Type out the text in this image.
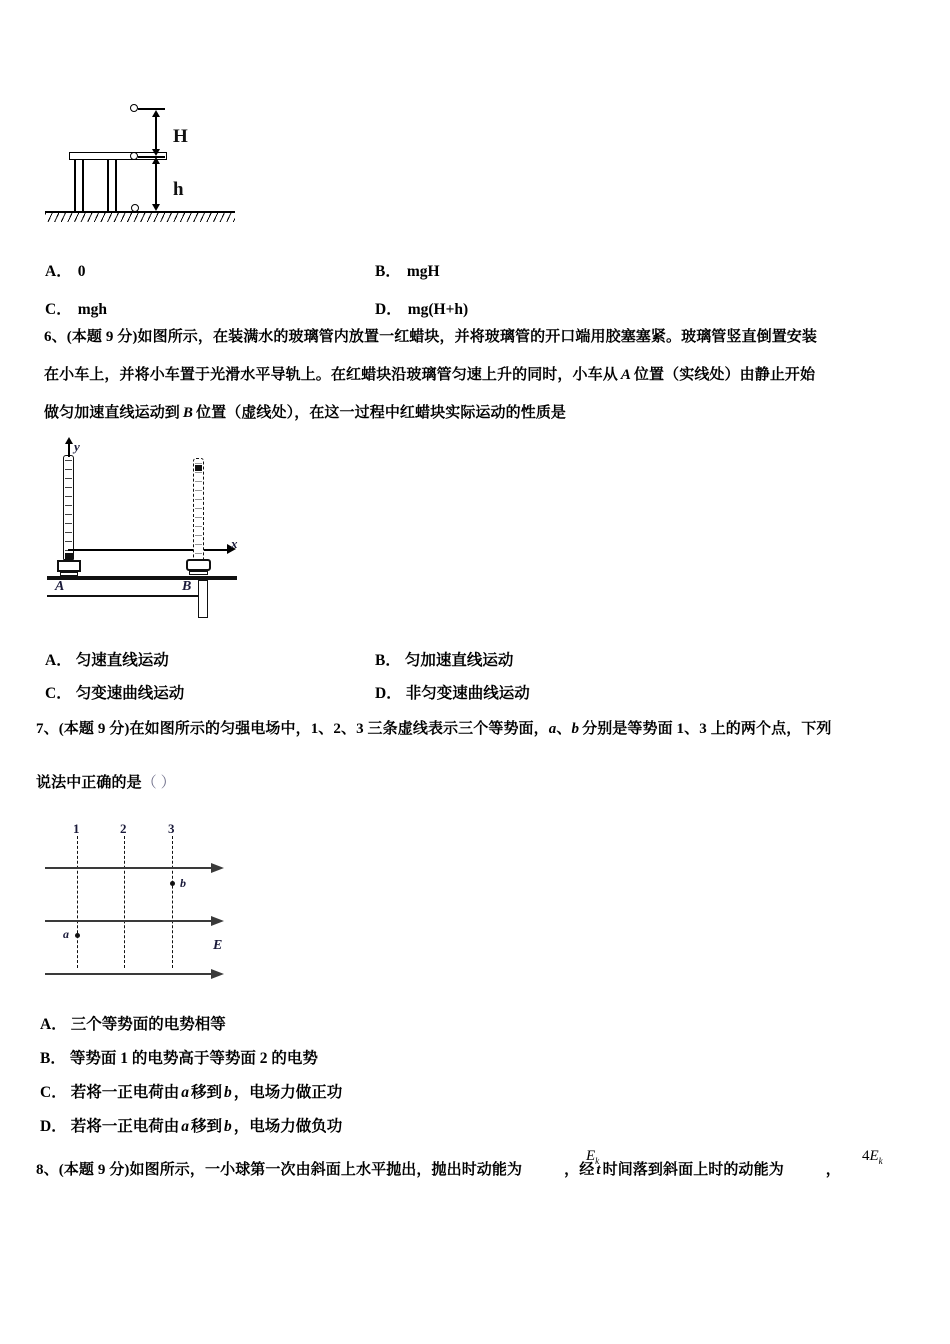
H
h
A． 0	B． mgH
C． mgh	D． mg(H+h)
6、(本题 9 分)如图所示，在装满水的玻璃管内放置一红蜡块，并将玻璃管的开口端用胶塞塞紧。玻璃管竖直倒置安装
在小车上，并将小车置于光滑水平导轨上。在红蜡块沿玻璃管匀速上升的同时，小车从 A 位置（实线处）由静止开始
做匀加速直线运动到 B 位置（虚线处），在这一过程中红蜡块实际运动的性质是
y
x
A	B
A． 匀速直线运动	B． 匀加速直线运动
C． 匀变速曲线运动	D． 非匀变速曲线运动
7、(本题 9 分)在如图所示的匀强电场中，1、2、3 三条虚线表示三个等势面，a、b 分别是等势面 1、3 上的两个点，下列
说法中正确的是（ ）
1	2	3
b
a
E
A． 三个等势面的电势相等
B． 等势面 1 的电势高于等势面 2 的电势
C． 若将一正电荷由 a 移到 b ，电场力做正功
D． 若将一正电荷由 a 移到 b ，电场力做负功
8、(本题 9 分)如图所示，一小球第一次由斜面上水平抛出，抛出时动能为	，经 t 时间落到斜面上时的动能为	，
$E_k$	$4E_k$
